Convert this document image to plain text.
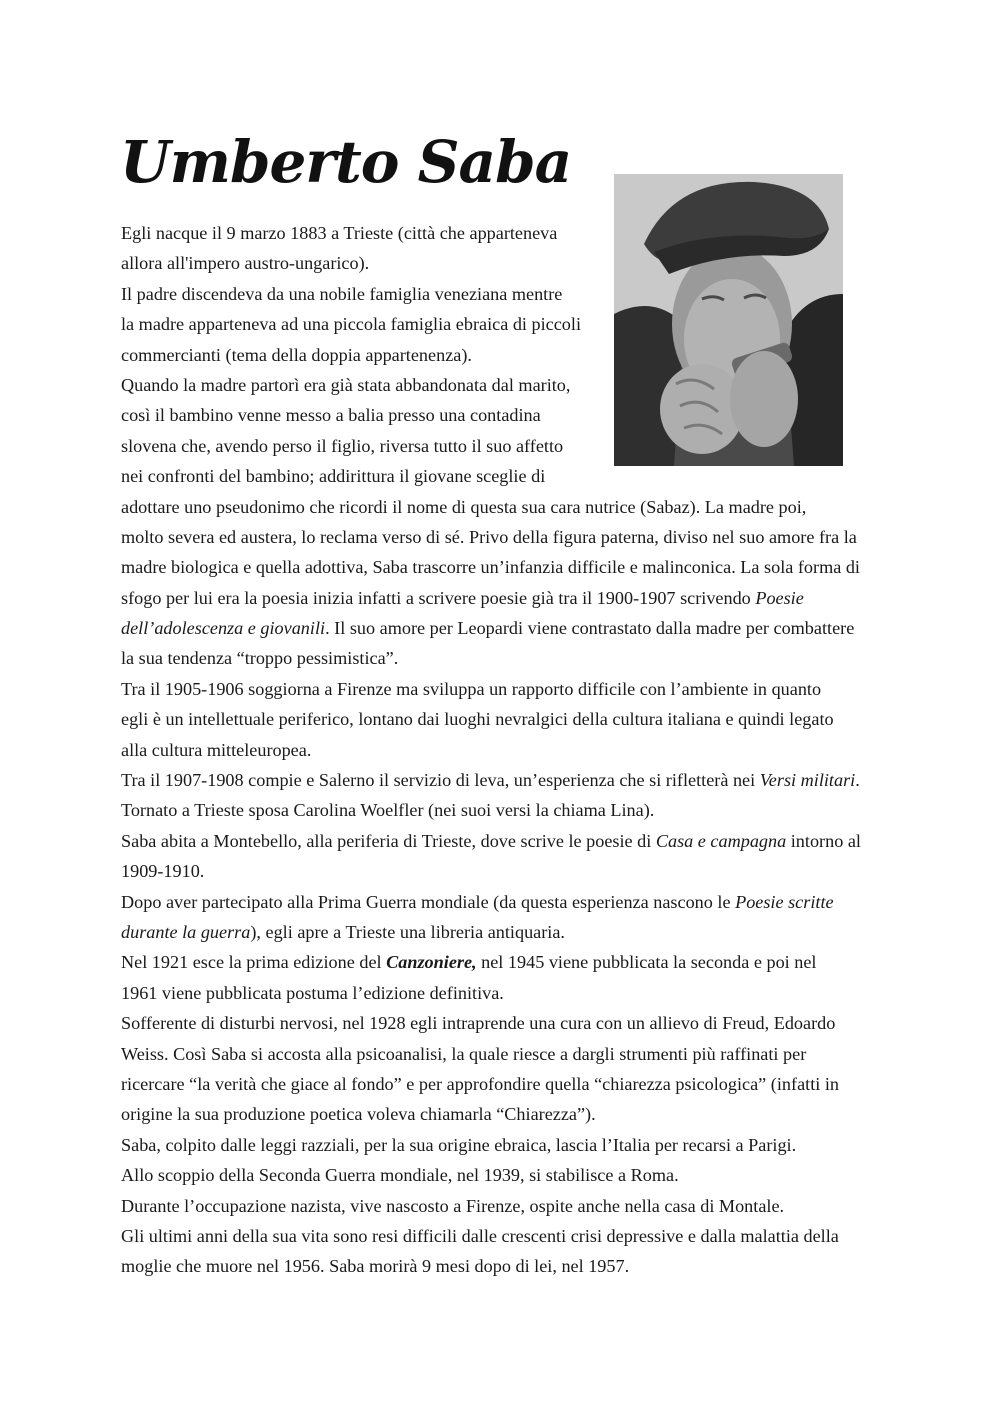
Umberto Saba
Egli nacque il 9 marzo 1883 a Trieste (città che apparteneva
allora all'impero austro-ungarico).
Il padre discendeva da una nobile famiglia veneziana mentre
la madre apparteneva ad una piccola famiglia ebraica di piccoli
commercianti (tema della doppia appartenenza).
Quando la madre partorì era già stata abbandonata dal marito,
così il bambino venne messo a balia presso una contadina
slovena che, avendo perso il figlio, riversa tutto il suo affetto
nei confronti del bambino; addirittura il giovane sceglie di
adottare uno pseudonimo che ricordi il nome di questa sua cara nutrice (Sabaz). La madre poi,
molto severa ed austera, lo reclama verso di sé. Privo della figura paterna, diviso nel suo amore fra la
madre biologica e quella adottiva, Saba trascorre un’infanzia difficile e malinconica. La sola forma di
sfogo per lui era la poesia inizia infatti a scrivere poesie già tra il 1900-1907 scrivendo Poesie
dell’adolescenza e giovanili. Il suo amore per Leopardi viene contrastato dalla madre per combattere
la sua tendenza “troppo pessimistica”.
Tra il 1905-1906 soggiorna a Firenze ma sviluppa un rapporto difficile con l’ambiente in quanto
egli è un intellettuale periferico, lontano dai luoghi nevralgici della cultura italiana e quindi legato
alla cultura mitteleuropea.
Tra il 1907-1908 compie e Salerno il servizio di leva, un’esperienza che si rifletterà nei Versi militari.
Tornato a Trieste sposa Carolina Woelfler (nei suoi versi la chiama Lina).
Saba abita a Montebello, alla periferia di Trieste, dove scrive le poesie di Casa e campagna intorno al
1909-1910.
Dopo aver partecipato alla Prima Guerra mondiale (da questa esperienza nascono le Poesie scritte
durante la guerra), egli apre a Trieste una libreria antiquaria.
Nel 1921 esce la prima edizione del Canzoniere, nel 1945 viene pubblicata la seconda e poi nel
1961 viene pubblicata postuma l’edizione definitiva.
Sofferente di disturbi nervosi, nel 1928 egli intraprende una cura con un allievo di Freud, Edoardo
Weiss. Così Saba si accosta alla psicoanalisi, la quale riesce a dargli strumenti più raffinati per
ricercare “la verità che giace al fondo” e per approfondire quella “chiarezza psicologica” (infatti in
origine la sua produzione poetica voleva chiamarla “Chiarezza”).
Saba, colpito dalle leggi razziali, per la sua origine ebraica, lascia l’Italia per recarsi a Parigi.
Allo scoppio della Seconda Guerra mondiale, nel 1939, si stabilisce a Roma.
Durante l’occupazione nazista, vive nascosto a Firenze, ospite anche nella casa di Montale.
Gli ultimi anni della sua vita sono resi difficili dalle crescenti crisi depressive e dalla malattia della
moglie che muore nel 1956. Saba morirà 9 mesi dopo di lei, nel 1957.
